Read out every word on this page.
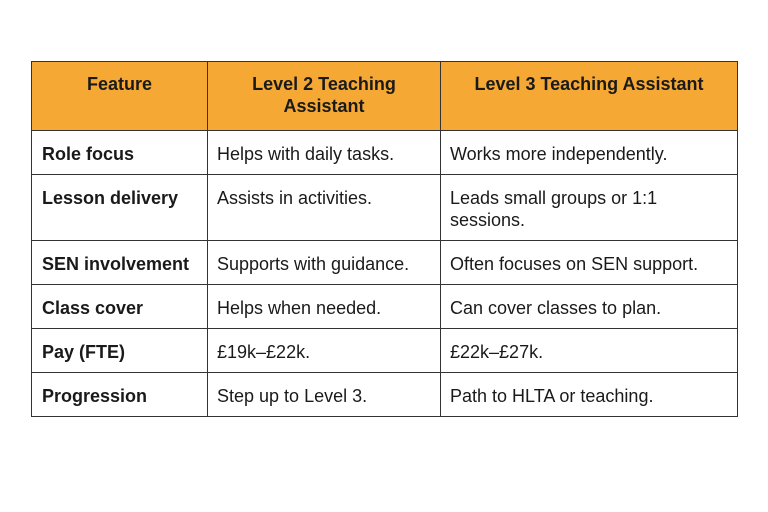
Feature	Level 2 Teaching Assistant	Level 3 Teaching Assistant
Role focus	Helps with daily tasks.	Works more independently.
Lesson delivery	Assists in activities.	Leads small groups or 1:1 sessions.
SEN involvement	Supports with guidance.	Often focuses on SEN support.
Class cover	Helps when needed.	Can cover classes to plan.
Pay (FTE)	£19k–£22k.	£22k–£27k.
Progression	Step up to Level 3.	Path to HLTA or teaching.
